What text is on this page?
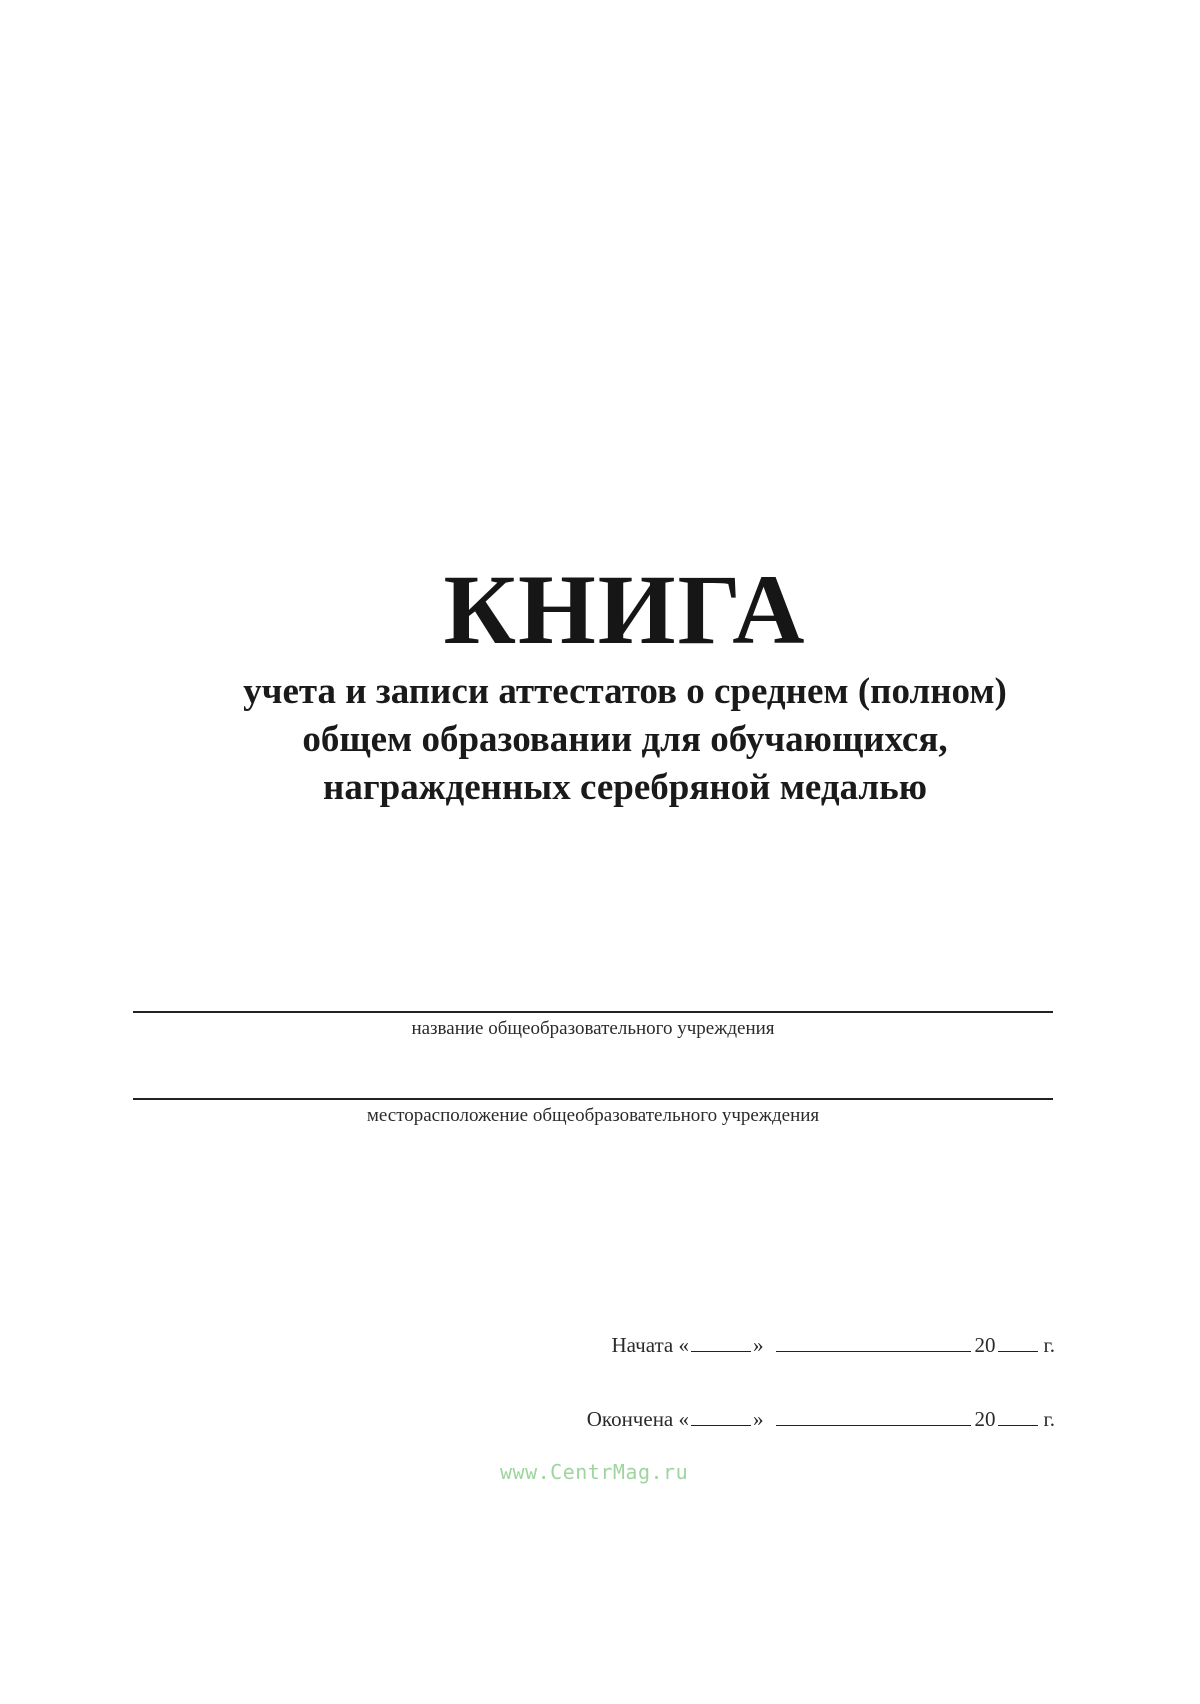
КНИГА
учета и записи аттестатов о среднем (полном)
общем образовании для обучающихся,
награжденных серебряной медалью
название общеобразовательного учреждения
месторасположение общеобразовательного учреждения
Начата
«	»	20 г.
Окончена
«	»	20 г.
www.CentrMag.ru
